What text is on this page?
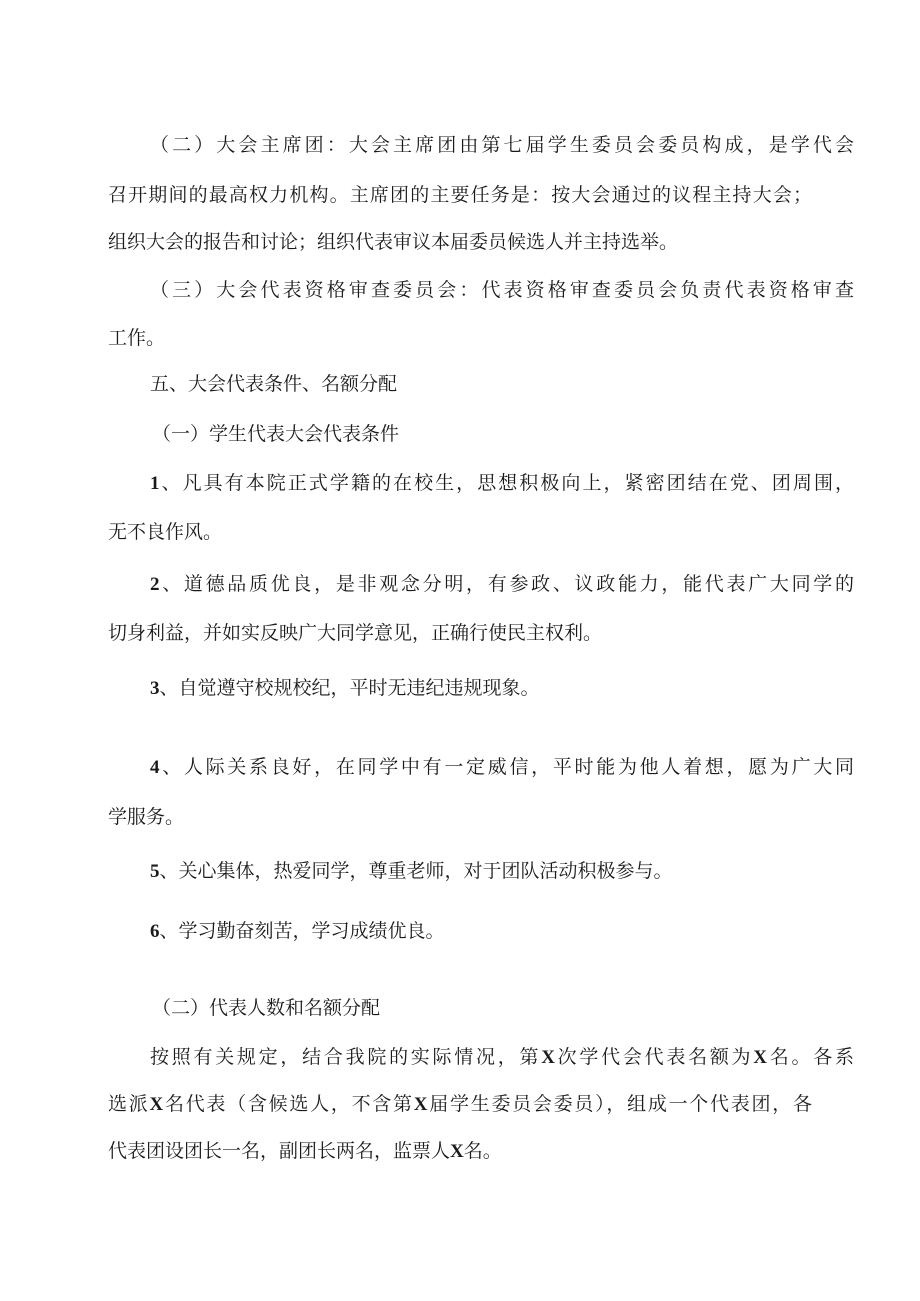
（二）大会主席团：大会主席团由第七届学生委员会委员构成，是学代会
召开期间的最高权力机构。主席团的主要任务是：按大会通过的议程主持大会；
组织大会的报告和讨论；组织代表审议本届委员候选人并主持选举。
（三）大会代表资格审查委员会：代表资格审查委员会负责代表资格审查
工作。
五、大会代表条件、名额分配
（一）学生代表大会代表条件
1、凡具有本院正式学籍的在校生，思想积极向上，紧密团结在党、团周围，
无不良作风。
2、道德品质优良，是非观念分明，有参政、议政能力，能代表广大同学的
切身利益，并如实反映广大同学意见，正确行使民主权利。
3、自觉遵守校规校纪，平时无违纪违规现象。
4、人际关系良好，在同学中有一定威信，平时能为他人着想，愿为广大同
学服务。
5、关心集体，热爱同学，尊重老师，对于团队活动积极参与。
6、学习勤奋刻苦，学习成绩优良。
（二）代表人数和名额分配
按照有关规定，结合我院的实际情况，第X次学代会代表名额为X名。各系
选派X名代表（含候选人，不含第X届学生委员会委员），组成一个代表团，各
代表团设团长一名，副团长两名，监票人X名。
